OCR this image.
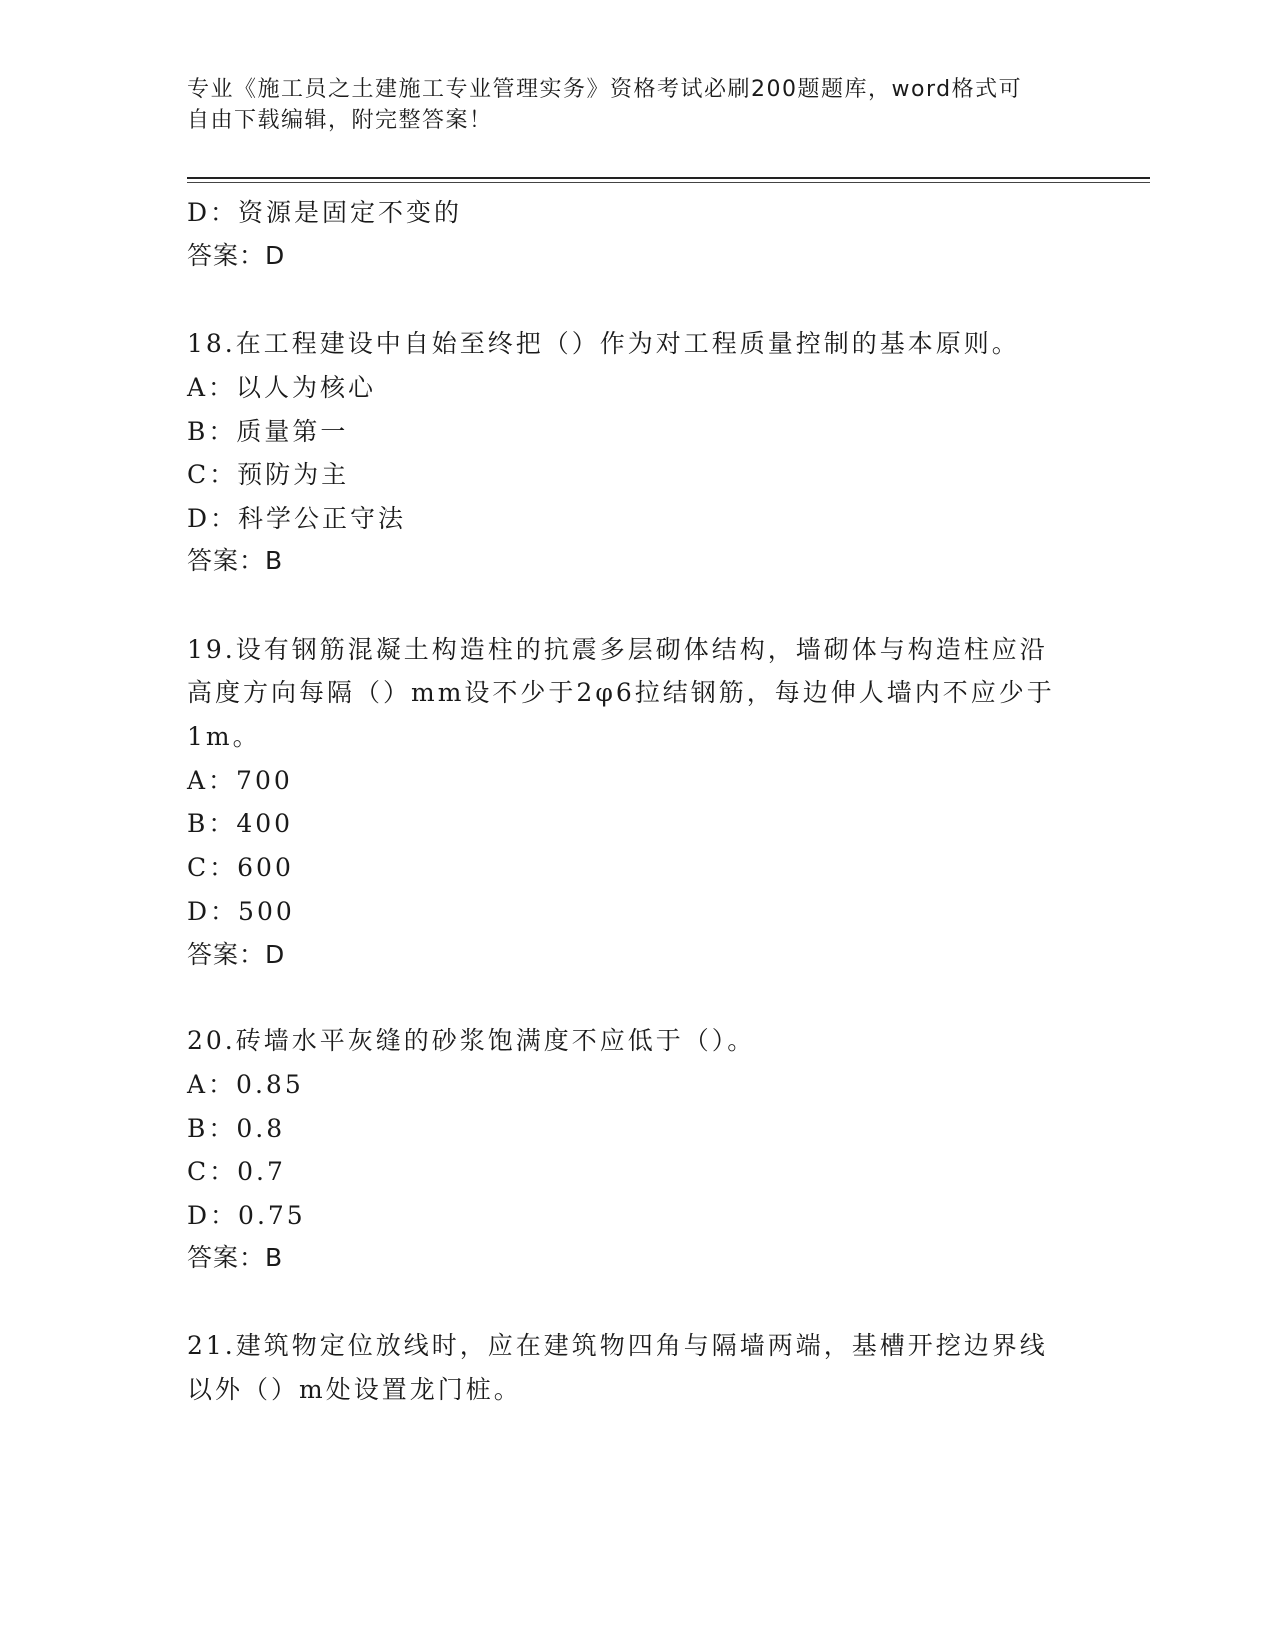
专业《施工员之土建施工专业管理实务》资格考试必刷200题题库，word格式可
自由下载编辑，附完整答案！
D：资源是固定不变的
答案：D
18.在工程建设中自始至终把（）作为对工程质量控制的基本原则。
A：以人为核心
B：质量第一
C：预防为主
D：科学公正守法
答案：B
19.设有钢筋混凝土构造柱的抗震多层砌体结构，墙砌体与构造柱应沿
高度方向每隔（）mm设不少于2φ6拉结钢筋，每边伸人墙内不应少于
1m。
A：700
B：400
C：600
D：500
答案：D
20.砖墙水平灰缝的砂浆饱满度不应低于（）。
A：0.85
B：0.8
C：0.7
D：0.75
答案：B
21.建筑物定位放线时，应在建筑物四角与隔墙两端，基槽开挖边界线
以外（）m处设置龙门桩。
